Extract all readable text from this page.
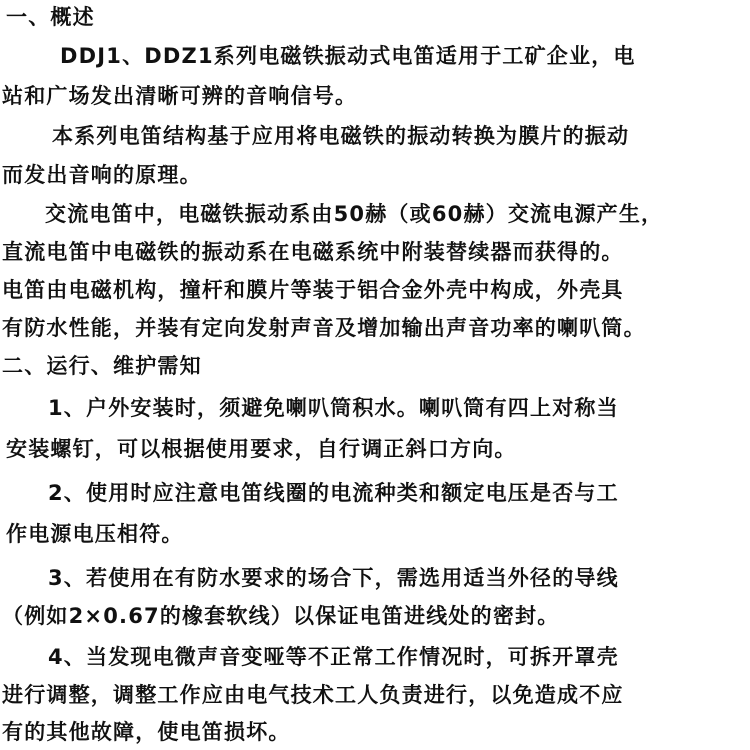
一、概述
DDJ1、DDZ1系列电磁铁振动式电笛适用于工矿企业，电
站和广场发出清晰可辨的音响信号。
本系列电笛结构基于应用将电磁铁的振动转换为膜片的振动
而发出音响的原理。
交流电笛中，电磁铁振动系由50赫（或60赫）交流电源产生，
直流电笛中电磁铁的振动系在电磁系统中附装替续器而获得的。
电笛由电磁机构，撞杆和膜片等装于铝合金外壳中构成，外壳具
有防水性能，并装有定向发射声音及增加输出声音功率的喇叭筒。
二、运行、维护需知
1、户外安装时，须避免喇叭筒积水。喇叭筒有四上对称当
安装螺钉，可以根据使用要求，自行调正斜口方向。
2、使用时应注意电笛线圈的电流种类和额定电压是否与工
作电源电压相符。
3、若使用在有防水要求的场合下，需选用适当外径的导线
（例如2×0.67的橡套软线）以保证电笛进线处的密封。
4、当发现电微声音变哑等不正常工作情况时，可拆开罩壳
进行调整，调整工作应由电气技术工人负责进行，以免造成不应
有的其他故障，使电笛损坏。
